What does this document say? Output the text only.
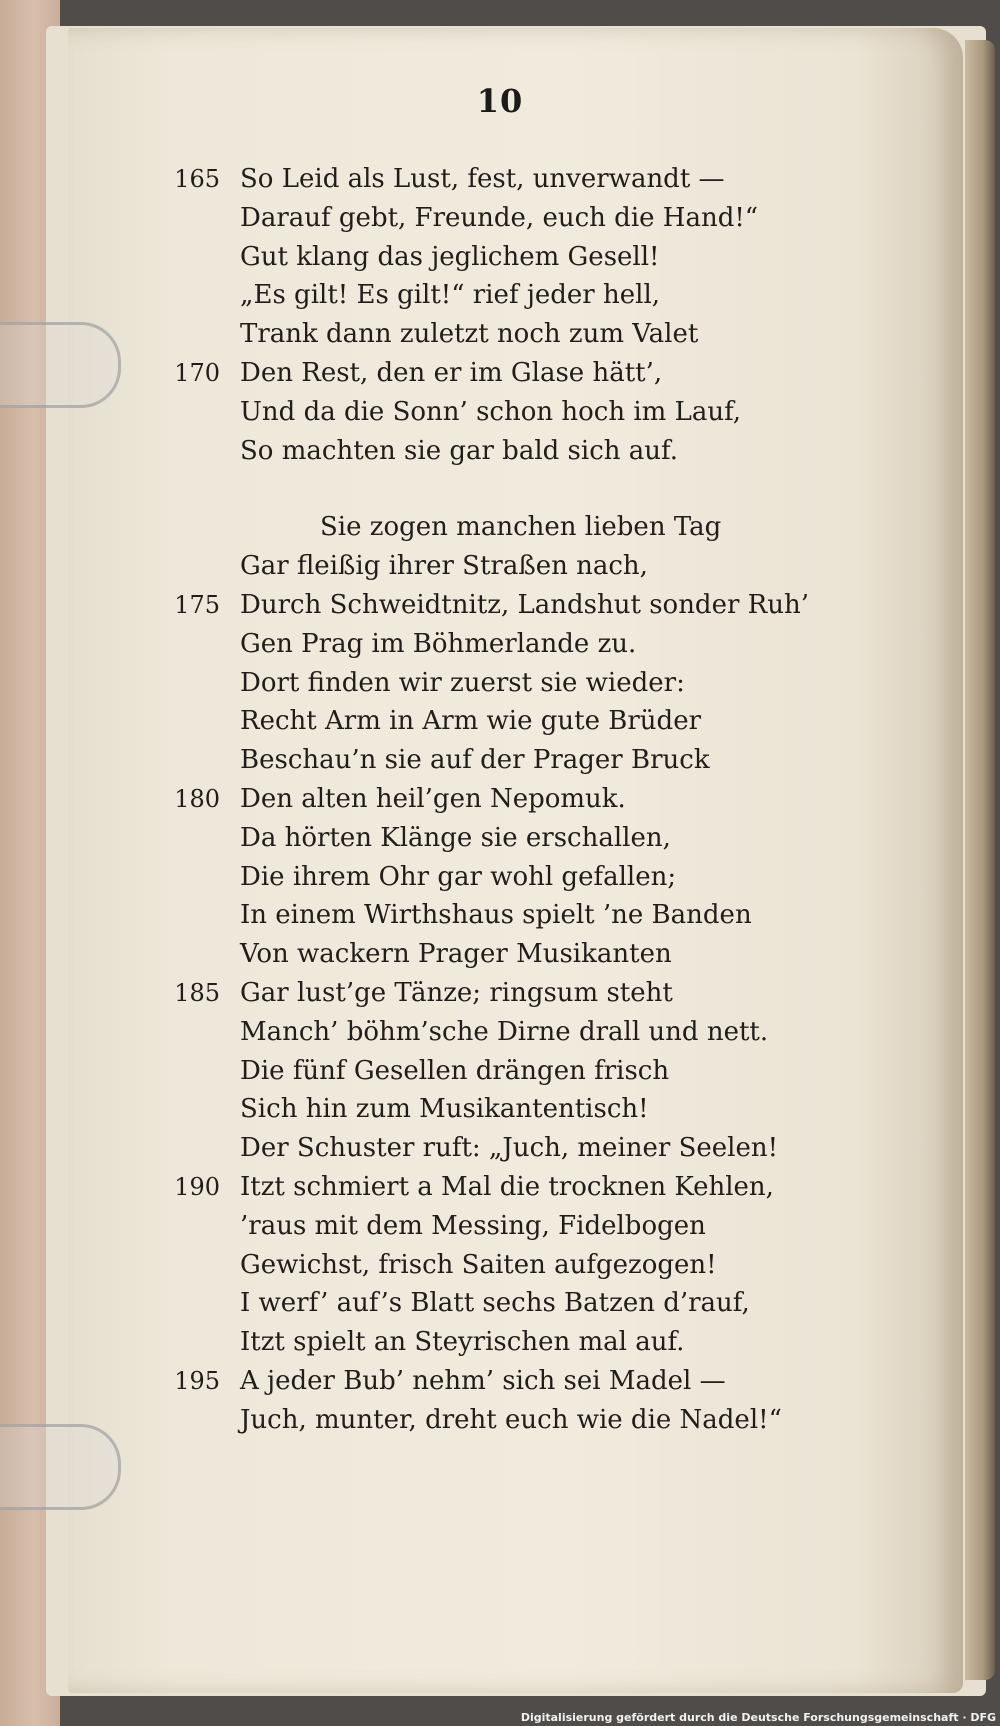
10
165 So Leid als Lust, fest, unverwandt —
Darauf gebt, Freunde, euch die Hand!“
Gut klang das jeglichem Gesell!
„Es gilt! Es gilt!“ rief jeder hell,
Trank dann zuletzt noch zum Valet
170 Den Rest, den er im Glase hätt’,
Und da die Sonn’ schon hoch im Lauf,
So machten sie gar bald sich auf.
Sie zogen manchen lieben Tag
Gar fleißig ihrer Straßen nach,
175 Durch Schweidtnitz, Landshut sonder Ruh’
Gen Prag im Böhmerlande zu.
Dort finden wir zuerst sie wieder:
Recht Arm in Arm wie gute Brüder
Beschau’n sie auf der Prager Bruck
180 Den alten heil’gen Nepomuk.
Da hörten Klänge sie erschallen,
Die ihrem Ohr gar wohl gefallen;
In einem Wirthshaus spielt ’ne Banden
Von wackern Prager Musikanten
185 Gar lust’ge Tänze; ringsum steht
Manch’ böhm’sche Dirne drall und nett.
Die fünf Gesellen drängen frisch
Sich hin zum Musikantentisch!
Der Schuster ruft: „Juch, meiner Seelen!
190 Itzt schmiert a Mal die trocknen Kehlen,
’raus mit dem Messing, Fidelbogen
Gewichst, frisch Saiten aufgezogen!
I werf’ auf’s Blatt sechs Batzen d’rauf,
Itzt spielt an Steyrischen mal auf.
195 A jeder Bub’ nehm’ sich sei Madel —
Juch, munter, dreht euch wie die Nadel!“
Digitalisierung gefördert durch die Deutsche Forschungsgemeinschaft · DFG
